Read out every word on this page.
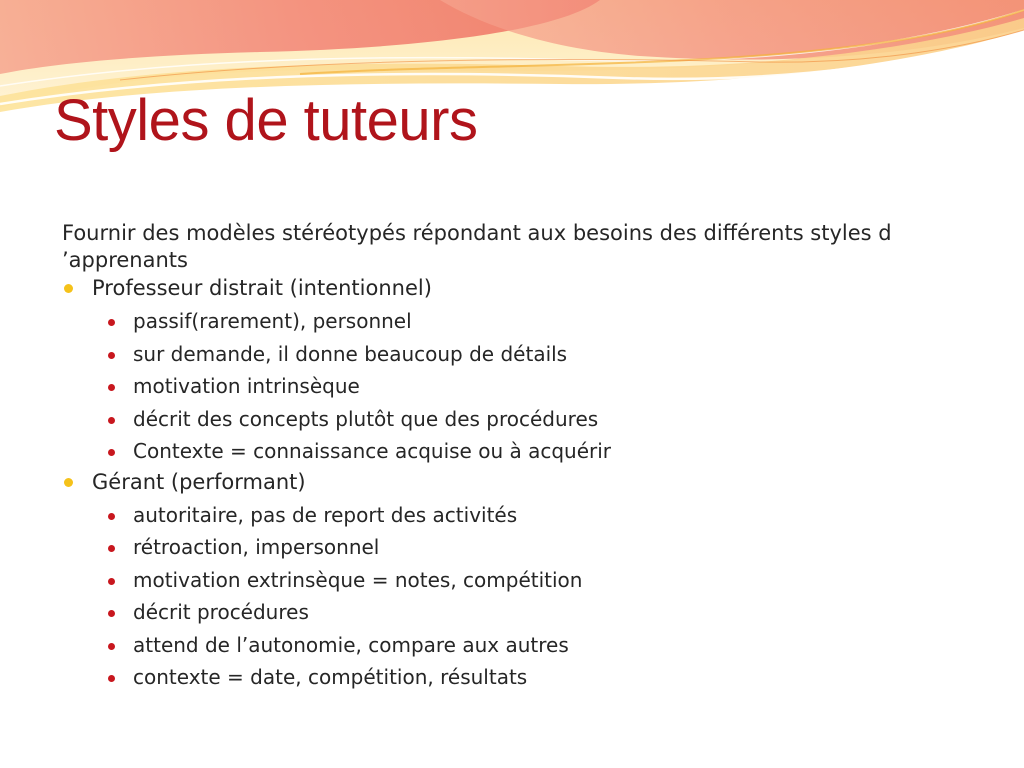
Styles de tuteurs

Fournir des modèles stéréotypés répondant aux besoins des différents styles d ’apprenants

Professeur distrait (intentionnel)
passif(rarement), personnel
sur demande, il donne beaucoup de détails
motivation intrinsèque
décrit des concepts plutôt que des procédures
Contexte = connaissance acquise ou à acquérir
Gérant (performant)
autoritaire, pas de report des activités
rétroaction, impersonnel
motivation extrinsèque = notes, compétition
décrit procédures
attend de l’autonomie, compare aux autres
contexte = date, compétition, résultats
